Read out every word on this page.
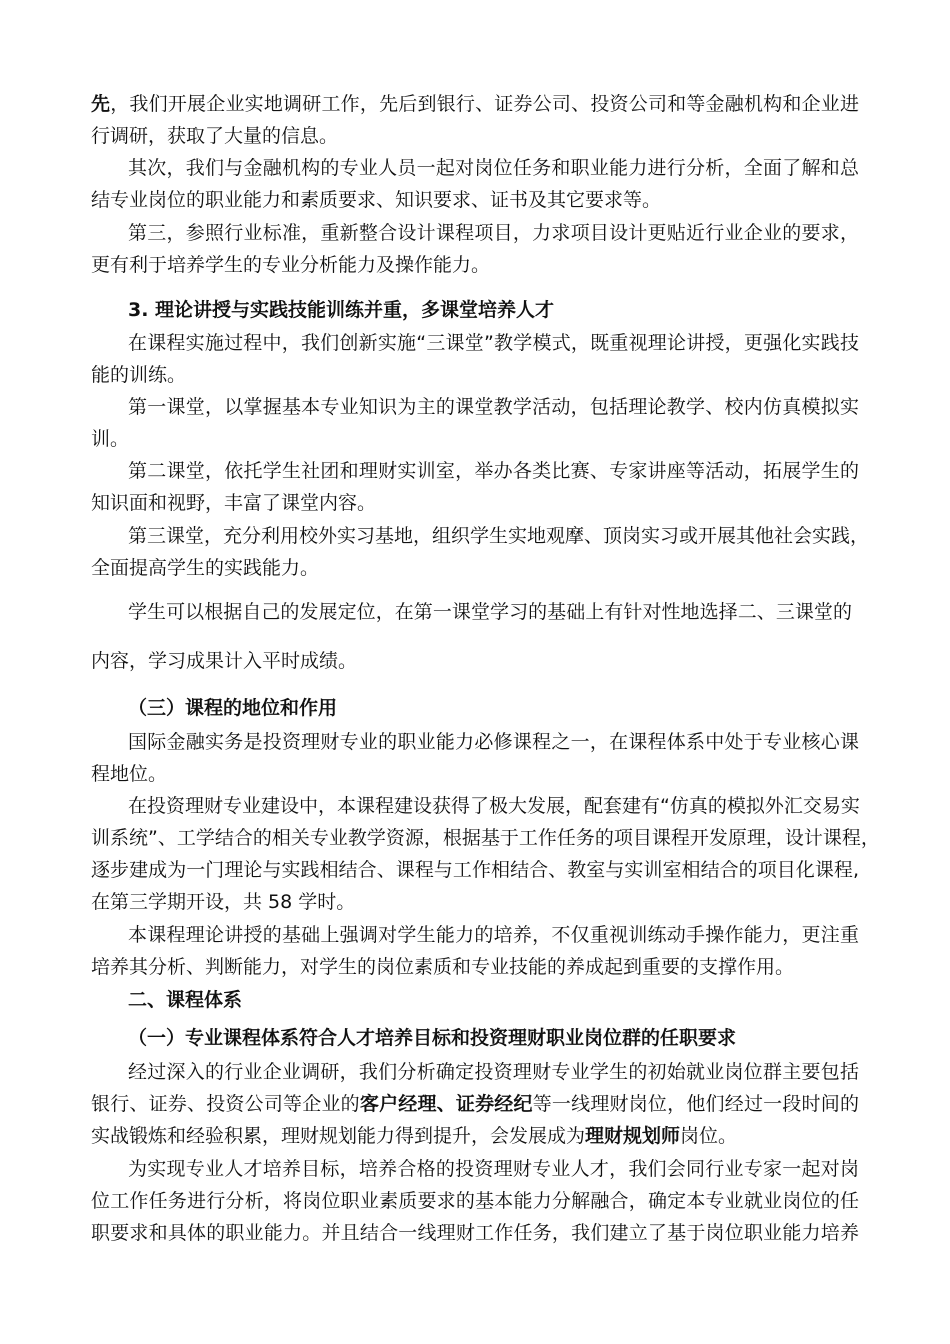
先，我们开展企业实地调研工作，先后到银行、证券公司、投资公司和等金融机构和企业进
行调研，获取了大量的信息。
其次，我们与金融机构的专业人员一起对岗位任务和职业能力进行分析，全面了解和总
结专业岗位的职业能力和素质要求、知识要求、证书及其它要求等。
第三，参照行业标准，重新整合设计课程项目，力求项目设计更贴近行业企业的要求，
更有利于培养学生的专业分析能力及操作能力。
3. 理论讲授与实践技能训练并重，多课堂培养人才
在课程实施过程中，我们创新实施“三课堂”教学模式，既重视理论讲授，更强化实践技
能的训练。
第一课堂，以掌握基本专业知识为主的课堂教学活动，包括理论教学、校内仿真模拟实
训。
第二课堂，依托学生社团和理财实训室，举办各类比赛、专家讲座等活动，拓展学生的
知识面和视野，丰富了课堂内容。
第三课堂，充分利用校外实习基地，组织学生实地观摩、顶岗实习或开展其他社会实践，
全面提高学生的实践能力。
学生可以根据自己的发展定位，在第一课堂学习的基础上有针对性地选择二、三课堂的
内容，学习成果计入平时成绩。
（三）课程的地位和作用
国际金融实务是投资理财专业的职业能力必修课程之一，在课程体系中处于专业核心课
程地位。
在投资理财专业建设中，本课程建设获得了极大发展，配套建有“仿真的模拟外汇交易实
训系统”、工学结合的相关专业教学资源，根据基于工作任务的项目课程开发原理，设计课程，
逐步建成为一门理论与实践相结合、课程与工作相结合、教室与实训室相结合的项目化课程,
在第三学期开设，共 58 学时。
本课程理论讲授的基础上强调对学生能力的培养，不仅重视训练动手操作能力，更注重
培养其分析、判断能力，对学生的岗位素质和专业技能的养成起到重要的支撑作用。
二、课程体系
（一）专业课程体系符合人才培养目标和投资理财职业岗位群的任职要求
经过深入的行业企业调研，我们分析确定投资理财专业学生的初始就业岗位群主要包括
银行、证券、投资公司等企业的客户经理、证券经纪等一线理财岗位，他们经过一段时间的
实战锻炼和经验积累，理财规划能力得到提升，会发展成为理财规划师岗位。
为实现专业人才培养目标，培养合格的投资理财专业人才，我们会同行业专家一起对岗
位工作任务进行分析，将岗位职业素质要求的基本能力分解融合，确定本专业就业岗位的任
职要求和具体的职业能力。并且结合一线理财工作任务，我们建立了基于岗位职业能力培养
